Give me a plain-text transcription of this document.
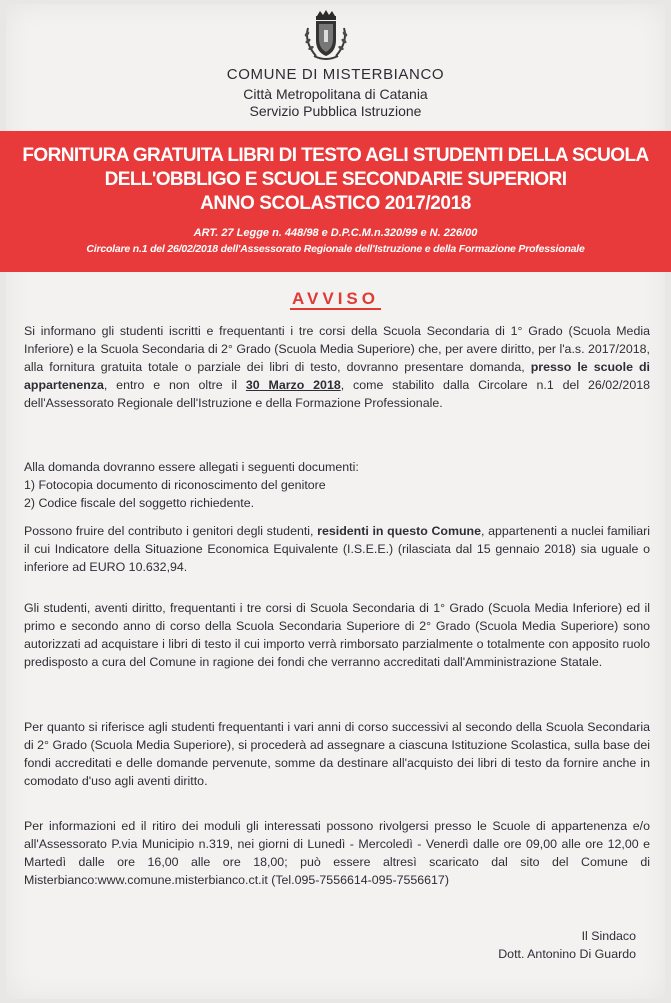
COMUNE DI MISTERBIANCO
Città Metropolitana di Catania
Servizio Pubblica Istruzione
FORNITURA GRATUITA LIBRI DI TESTO AGLI STUDENTI DELLA SCUOLA
DELL'OBBLIGO E SCUOLE SECONDARIE SUPERIORI
ANNO SCOLASTICO 2017/2018
ART. 27 Legge n. 448/98 e D.P.C.M.n.320/99 e N. 226/00
Circolare n.1 del 26/02/2018 dell'Assessorato Regionale dell'Istruzione e della Formazione Professionale
AVVISO
Si informano gli studenti iscritti e frequentanti i tre corsi della Scuola Secondaria di 1° Grado (Scuola Media Inferiore) e la Scuola Secondaria di 2° Grado (Scuola Media Superiore) che, per avere diritto, per l'a.s. 2017/2018, alla fornitura gratuita totale o parziale dei libri di testo, dovranno presentare domanda, presso le scuole di appartenenza, entro e non oltre il 30 Marzo 2018, come stabilito dalla Circolare n.1 del 26/02/2018 dell'Assessorato Regionale dell'Istruzione e della Formazione Professionale.
Alla domanda dovranno essere allegati i seguenti documenti:
1) Fotocopia documento di riconoscimento del genitore
2) Codice fiscale del soggetto richiedente.
Possono fruire del contributo i genitori degli studenti, residenti in questo Comune, appartenenti a nuclei familiari il cui Indicatore della Situazione Economica Equivalente (I.S.E.E.) (rilasciata dal 15 gennaio 2018) sia uguale o inferiore ad EURO 10.632,94.
Gli studenti, aventi diritto, frequentanti i tre corsi di Scuola Secondaria di 1° Grado (Scuola Media Inferiore) ed il primo e secondo anno di corso della Scuola Secondaria Superiore di 2° Grado (Scuola Media Superiore) sono autorizzati ad acquistare i libri di testo il cui importo verrà rimborsato parzialmente o totalmente con apposito ruolo predisposto a cura del Comune in ragione dei fondi che verranno accreditati dall'Amministrazione Statale.
Per quanto si riferisce agli studenti frequentanti i vari anni di corso successivi al secondo della Scuola Secondaria di 2° Grado (Scuola Media Superiore), si procederà ad assegnare a ciascuna Istituzione Scolastica, sulla base dei fondi accreditati e delle domande pervenute, somme da destinare all'acquisto dei libri di testo da fornire anche in comodato d'uso agli aventi diritto.
Per informazioni ed il ritiro dei moduli gli interessati possono rivolgersi presso le Scuole di appartenenza e/o all'Assessorato P.via Municipio n.319, nei giorni di Lunedì - Mercoledì - Venerdì dalle ore 09,00 alle ore 12,00 e Martedì dalle ore 16,00 alle ore 18,00; può essere altresì scaricato dal sito del Comune di Misterbianco:www.comune.misterbianco.ct.it (Tel.095-7556614-095-7556617)
Il Sindaco
Dott. Antonino Di Guardo
